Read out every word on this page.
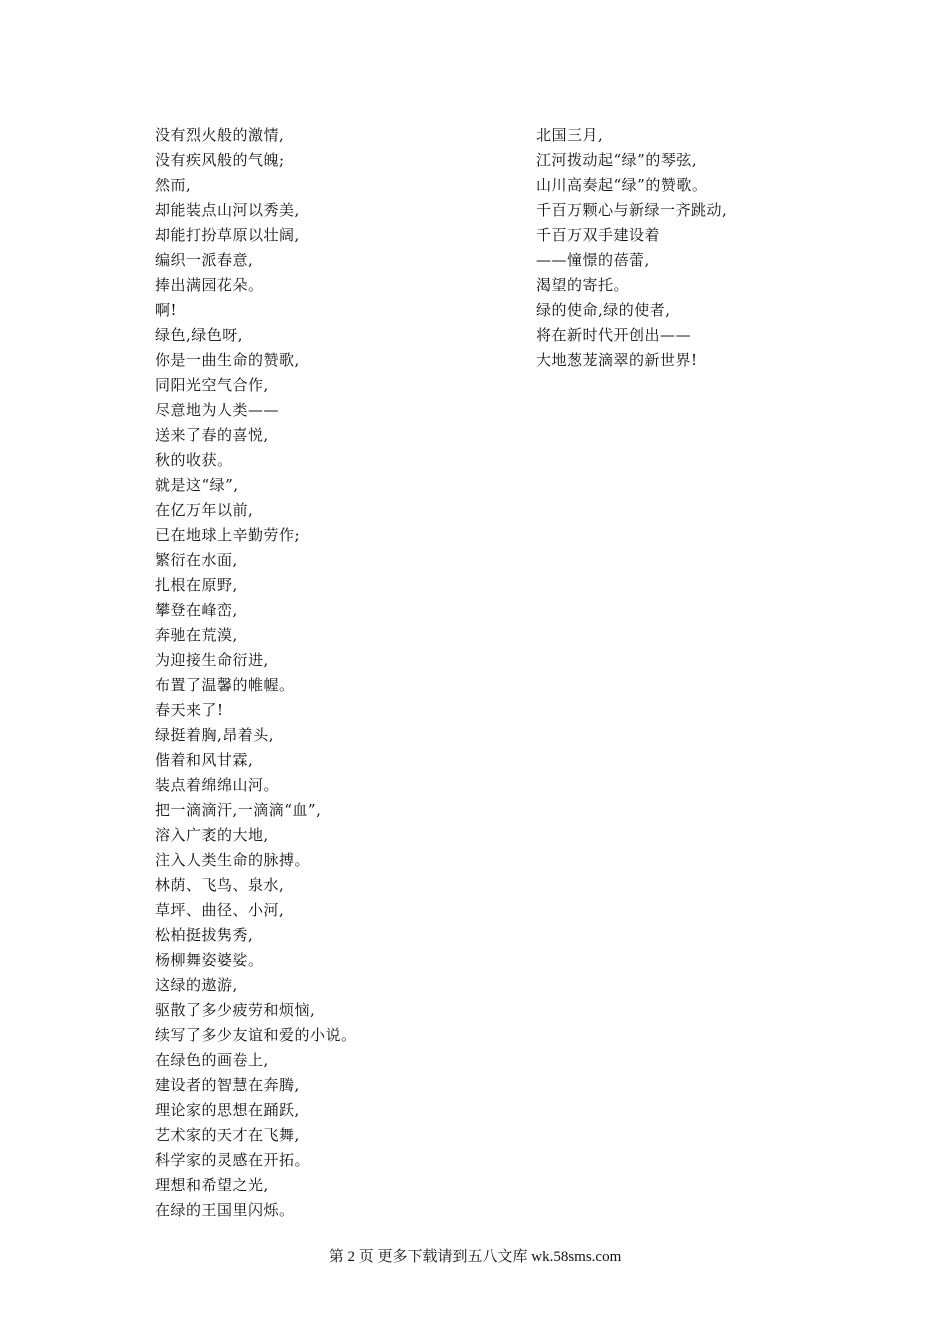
没有烈火般的激情,
没有疾风般的气魄;
然而,
却能装点山河以秀美,
却能打扮草原以壮阔,
编织一派春意,
捧出满园花朵。
啊!
绿色,绿色呀,
你是一曲生命的赞歌,
同阳光空气合作,
尽意地为人类——
送来了春的喜悦,
秋的收获。
就是这“绿”,
在亿万年以前,
已在地球上辛勤劳作;
繁衍在水面,
扎根在原野,
攀登在峰峦,
奔驰在荒漠,
为迎接生命衍进,
布置了温馨的帷幄。
春天来了!
绿挺着胸,昂着头,
偕着和风甘霖,
装点着绵绵山河。
把一滴滴汗,一滴滴“血”,
溶入广袤的大地,
注入人类生命的脉搏。
林荫、飞鸟、泉水,
草坪、曲径、小河,
松柏挺拔隽秀,
杨柳舞姿婆娑。
这绿的遨游,
驱散了多少疲劳和烦恼,
续写了多少友谊和爱的小说。
在绿色的画卷上,
建设者的智慧在奔腾,
理论家的思想在踊跃,
艺术家的天才在飞舞,
科学家的灵感在开拓。
理想和希望之光,
在绿的王国里闪烁。
北国三月,
江河拨动起“绿”的琴弦,
山川高奏起“绿”的赞歌。
千百万颗心与新绿一齐跳动,
千百万双手建设着
——憧憬的蓓蕾,
渴望的寄托。
绿的使命,绿的使者,
将在新时代开创出——
大地葱茏滴翠的新世界!
第 2 页 更多下载请到五八文库 wk.58sms.com
